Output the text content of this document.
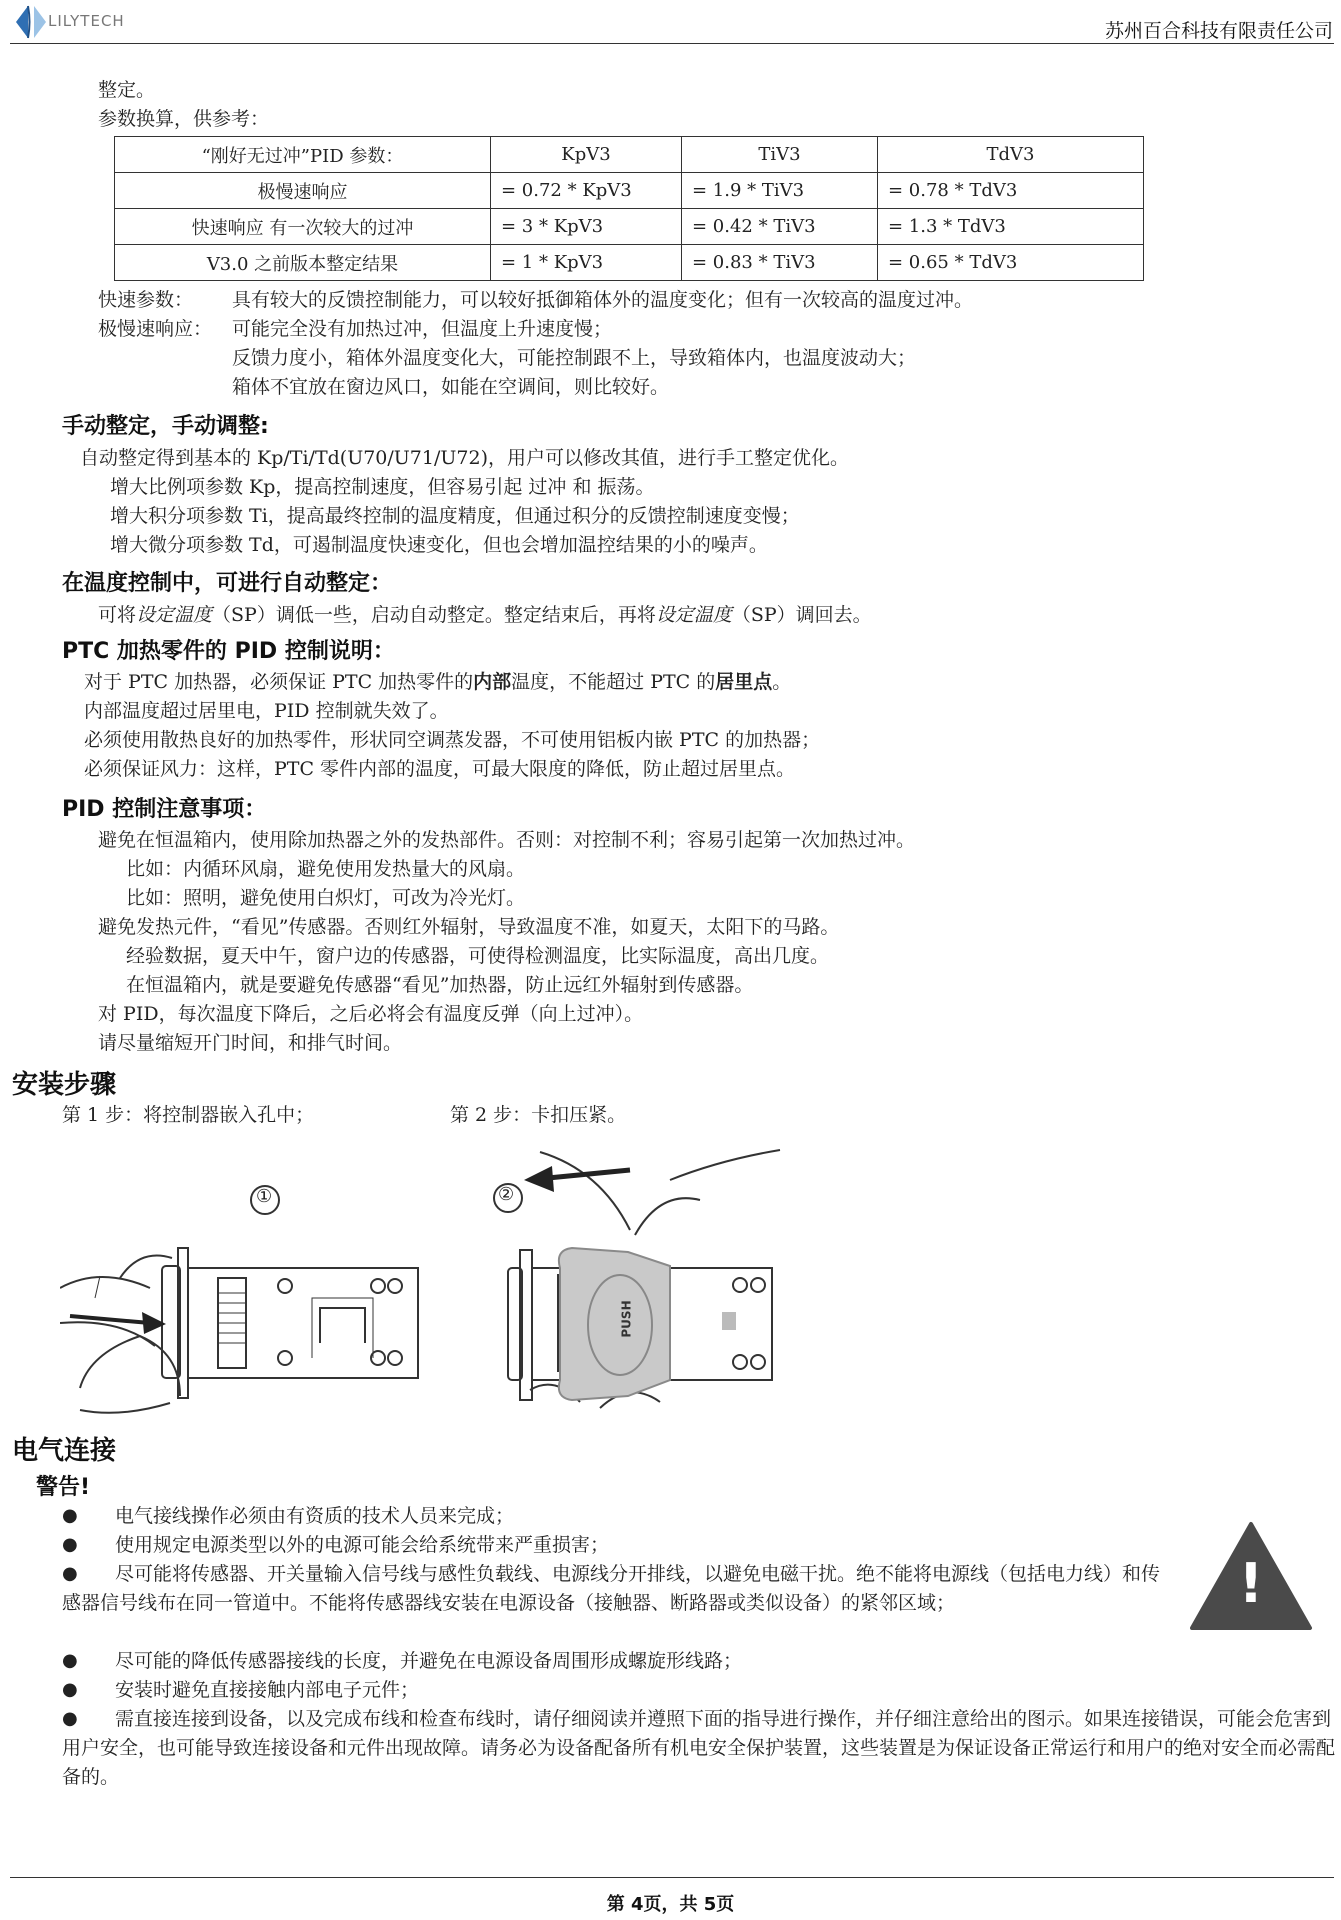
LILYTECH	苏州百合科技有限责任公司
整定。
参数换算，供参考：
“刚好无过冲”PID 参数：	KpV3	TiV3	TdV3
极慢速响应	= 0.72 * KpV3	= 1.9 * TiV3	= 0.78 * TdV3
快速响应 有一次较大的过冲	= 3 * KpV3	= 0.42 * TiV3	= 1.3 * TdV3
V3.0 之前版本整定结果	= 1 * KpV3	= 0.83 * TiV3	= 0.65 * TdV3
快速参数： 具有较大的反馈控制能力，可以较好抵御箱体外的温度变化；但有一次较高的温度过冲。
极慢速响应： 可能完全没有加热过冲，但温度上升速度慢；
反馈力度小，箱体外温度变化大，可能控制跟不上，导致箱体内，也温度波动大；
箱体不宜放在窗边风口，如能在空调间，则比较好。
手动整定，手动调整:
自动整定得到基本的 Kp/Ti/Td(U70/U71/U72)，用户可以修改其值，进行手工整定优化。
增大比例项参数 Kp，提高控制速度，但容易引起 过冲 和 振荡。
增大积分项参数 Ti，提高最终控制的温度精度，但通过积分的反馈控制速度变慢；
增大微分项参数 Td，可遏制温度快速变化，但也会增加温控结果的小的噪声。
在温度控制中，可进行自动整定：
可将设定温度（SP）调低一些，启动自动整定。整定结束后，再将设定温度（SP）调回去。
PTC 加热零件的 PID 控制说明：
对于 PTC 加热器，必须保证 PTC 加热零件的内部温度，不能超过 PTC 的居里点。
内部温度超过居里电，PID 控制就失效了。
必须使用散热良好的加热零件，形状同空调蒸发器，不可使用铝板内嵌 PTC 的加热器；
必须保证风力：这样，PTC 零件内部的温度，可最大限度的降低，防止超过居里点。
PID 控制注意事项：
避免在恒温箱内，使用除加热器之外的发热部件。否则：对控制不利；容易引起第一次加热过冲。
比如：内循环风扇，避免使用发热量大的风扇。
比如：照明，避免使用白炽灯，可改为冷光灯。
避免发热元件，“看见”传感器。否则红外辐射，导致温度不准，如夏天，太阳下的马路。
经验数据，夏天中午，窗户边的传感器，可使得检测温度，比实际温度，高出几度。
在恒温箱内，就是要避免传感器“看见”加热器，防止远红外辐射到传感器。
对 PID，每次温度下降后，之后必将会有温度反弹（向上过冲）。
请尽量缩短开门时间，和排气时间。
安装步骤
第 1 步：将控制器嵌入孔中；	第 2 步：卡扣压紧。
①	②
PUSH
电气连接
警告!
!
● 电气接线操作必须由有资质的技术人员来完成；
● 使用规定电源类型以外的电源可能会给系统带来严重损害；
●	尽可能将传感器、开关量输入信号线与感性负载线、电源线分开排线，以避免电磁干扰。绝不能将电源线（包括电力线）和传感器信号线布在同一管道中。不能将传感器线安装在电源设备（接触器、断路器或类似设备）的紧邻区域；
● 尽可能的降低传感器接线的长度，并避免在电源设备周围形成螺旋形线路；
● 安装时避免直接接触内部电子元件；
●	需直接连接到设备，以及完成布线和检查布线时，请仔细阅读并遵照下面的指导进行操作，并仔细注意给出的图示。如果连接错误，可能会危害到用户安全，也可能导致连接设备和元件出现故障。请务必为设备配备所有机电安全保护装置，这些装置是为保证设备正常运行和用户的绝对安全而必需配备的。
第 4页，共 5页
